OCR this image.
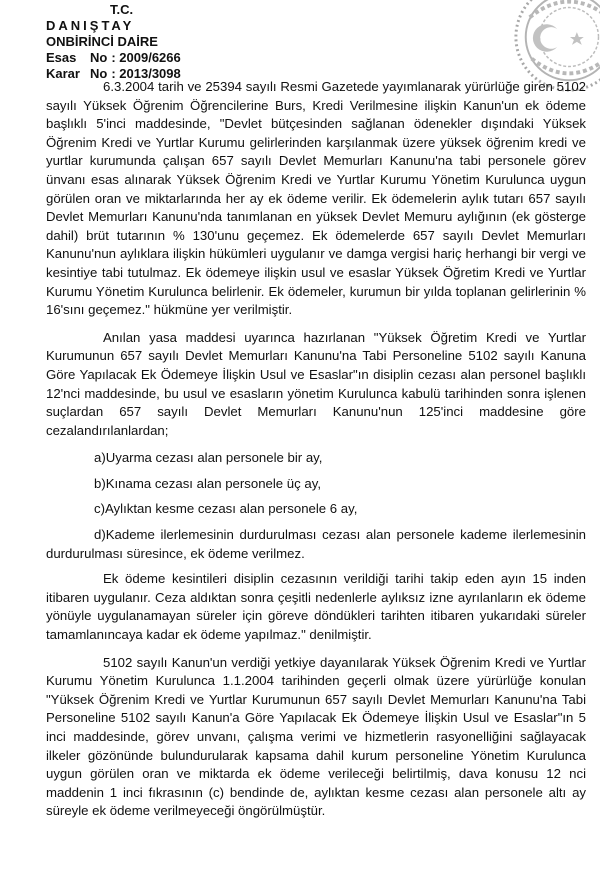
T.C.
DANIŞTAY
ONBİRİNCİ DAİRE
Esas	No : 2009/6266
Karar No : 2013/3098

6.3.2004 tarih ve 25394 sayılı Resmi Gazetede yayımlanarak yürürlüğe giren 5102 sayılı Yüksek Öğrenim Öğrencilerine Burs, Kredi Verilmesine ilişkin Kanun'un ek ödeme başlıklı 5'inci maddesinde, "Devlet bütçesinden sağlanan ödenekler dışındaki Yüksek Öğrenim Kredi ve Yurtlar Kurumu gelirlerinden karşılanmak üzere yüksek öğrenim kredi ve yurtlar kurumunda çalışan 657 sayılı Devlet Memurları Kanunu'na tabi personele görev ünvanı esas alınarak Yüksek Öğrenim Kredi ve Yurtlar Kurumu Yönetim Kurulunca uygun görülen oran ve miktarlarında her ay ek ödeme verilir. Ek ödemelerin aylık tutarı 657 sayılı Devlet Memurları Kanunu'nda tanımlanan en yüksek Devlet Memuru aylığının (ek gösterge dahil) brüt tutarının % 130'unu geçemez. Ek ödemelerde 657 sayılı Devlet Memurları Kanunu'nun aylıklara ilişkin hükümleri uygulanır ve damga vergisi hariç herhangi bir vergi ve kesintiye tabi tutulmaz. Ek ödemeye ilişkin usul ve esaslar Yüksek Öğretim Kredi ve Yurtlar Kurumu Yönetim Kurulunca belirlenir. Ek ödemeler, kurumun bir yılda toplanan gelirlerinin % 16'sını geçemez." hükmüne yer verilmiştir.

Anılan yasa maddesi uyarınca hazırlanan "Yüksek Öğretim Kredi ve Yurtlar Kurumunun 657 sayılı Devlet Memurları Kanunu'na Tabi Personeline 5102 sayılı Kanuna Göre Yapılacak Ek Ödemeye İlişkin Usul ve Esaslar"ın disiplin cezası alan personel başlıklı 12'nci maddesinde, bu usul ve esasların yönetim Kurulunca kabulü tarihinden sonra işlenen suçlardan 657 sayılı Devlet Memurları Kanunu'nun 125'inci maddesine göre cezalandırılanlardan;

a)Uyarma cezası alan personele bir ay,

b)Kınama cezası alan personele üç ay,

c)Aylıktan kesme cezası alan personele 6 ay,

d)Kademe ilerlemesinin durdurulması cezası alan personele kademe ilerlemesinin durdurulması süresince, ek ödeme verilmez.

Ek ödeme kesintileri disiplin cezasının verildiği tarihi takip eden ayın 15 inden itibaren uygulanır. Ceza aldıktan sonra çeşitli nedenlerle aylıksız izne ayrılanların ek ödeme yönüyle uygulanamayan süreler için göreve döndükleri tarihten itibaren yukarıdaki süreler tamamlanıncaya kadar ek ödeme yapılmaz." denilmiştir.

5102 sayılı Kanun'un verdiği yetkiye dayanılarak Yüksek Öğrenim Kredi ve Yurtlar Kurumu Yönetim Kurulunca 1.1.2004 tarihinden geçerli olmak üzere yürürlüğe konulan "Yüksek Öğrenim Kredi ve Yurtlar Kurumunun 657 sayılı Devlet Memurları Kanunu'na Tabi Personeline 5102 sayılı Kanun'a Göre Yapılacak Ek Ödemeye İlişkin Usul ve Esaslar"ın 5 inci maddesinde, görev unvanı, çalışma verimi ve hizmetlerin rasyonelliğini sağlayacak ilkeler gözönünde bulundurularak kapsama dahil kurum personeline Yönetim Kurulunca uygun görülen oran ve miktarda ek ödeme verileceği belirtilmiş, dava konusu 12 nci maddenin 1 inci fıkrasının (c) bendinde de, aylıktan kesme cezası alan personele altı ay süreyle ek ödeme verilmeyeceği öngörülmüştür.
